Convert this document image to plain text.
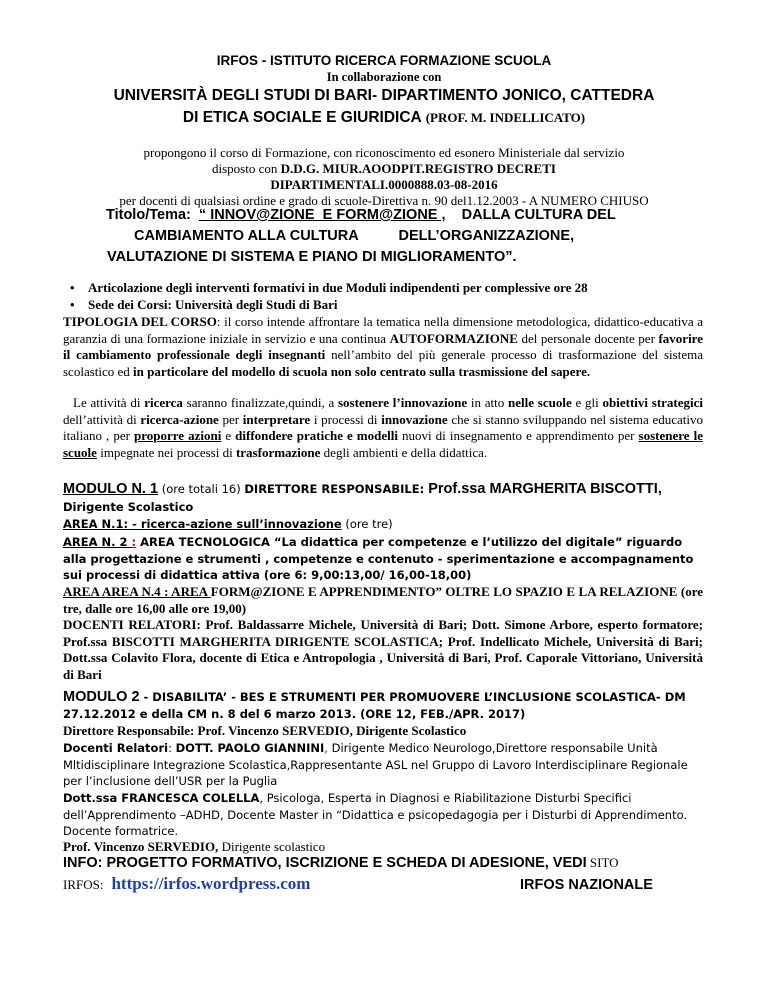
IRFOS - ISTITUTO RICERCA FORMAZIONE SCUOLA
In collaborazione con
UNIVERSITÀ DEGLI STUDI DI BARI- DIPARTIMENTO JONICO, CATTEDRA
DI ETICA SOCIALE E GIURIDICA (PROF. M. INDELLICATO)
propongono il corso di Formazione, con riconoscimento ed esonero Ministeriale dal servizio
disposto con D.D.G. MIUR.AOODPIT.REGISTRO DECRETI
DIPARTIMENTALI.0000888.03-08-2016
per docenti di qualsiasi ordine e grado di scuole-Direttiva n. 90 del1.12.2003 - A NUMERO CHIUSO
Titolo/Tema: “ INNOV@ZIONE  E FORM@ZIONE , DALLA CULTURA DEL
CAMBIAMENTO ALLA CULTURA	DELL’ORGANIZZAZIONE,
VALUTAZIONE DI SISTEMA E PIANO DI MIGLIORAMENTO”.
• Articolazione degli interventi formativi in due Moduli indipendenti per complessive ore 28
• Sede dei Corsi: Università degli Studi di Bari

TIPOLOGIA DEL CORSO: il corso intende affrontare la tematica nella dimensione metodologica, didattico-educativa a garanzia di una formazione iniziale in servizio e una continua AUTOFORMAZIONE del personale docente per favorire il cambiamento professionale degli insegnanti nell’ambito del più generale processo di trasformazione del sistema scolastico ed in particolare del modello di scuola non solo centrato sulla trasmissione del sapere.

Le attività di ricerca saranno finalizzate,quindi, a sostenere l’innovazione in atto nelle scuole e gli obiettivi strategici dell’attività di ricerca-azione per interpretare i processi di innovazione che si stanno sviluppando nel sistema educativo italiano , per proporre azioni e diffondere pratiche e modelli nuovi di insegnamento e apprendimento per sostenere le scuole impegnate nei processi di trasformazione degli ambienti e della didattica.

MODULO N. 1 (ore totali 16) DIRETTORE RESPONSABILE: Prof.ssa MARGHERITA BISCOTTI,
Dirigente Scolastico
AREA N.1: - ricerca-azione sull’innovazione (ore tre)

AREA N. 2 : AREA TECNOLOGICA “La didattica per competenze e l’utilizzo del digitale” riguardo alla progettazione e strumenti , competenze e contenuto - sperimentazione e accompagnamento sui processi di didattica attiva (ore 6: 9,00:13,00/ 16,00-18,00)

AREA AREA N.4 : AREA FORM@ZIONE E APPRENDIMENTO” OLTRE LO SPAZIO E LA RELAZIONE (ore tre, dalle ore 16,00 alle ore 19,00)

DOCENTI RELATORI: Prof. Baldassarre Michele, Università di Bari; Dott. Simone Arbore, esperto formatore; Prof.ssa BISCOTTI MARGHERITA DIRIGENTE SCOLASTICA; Prof. Indellicato Michele, Università di Bari; Dott.ssa Colavito Flora, docente di Etica e Antropologia , Università di Bari, Prof. Caporale Vittoriano, Università di Bari

MODULO 2 - DISABILITA’ - BES E STRUMENTI PER PROMUOVERE L’INCLUSIONE SCOLASTICA- DM
27.12.2012 e della CM n. 8 del 6 marzo 2013. (ORE 12, FEB./APR. 2017)
Direttore Responsabile: Prof. Vincenzo SERVEDIO, Dirigente Scolastico

Docenti Relatori: DOTT. PAOLO GIANNINI, Dirigente Medico Neurologo,Direttore responsabile Unità Mltidisciplinare Integrazione Scolastica,Rappresentante ASL nel Gruppo di Lavoro Interdisciplinare Regionale per l’inclusione dell’USR per la Puglia

Dott.ssa FRANCESCA COLELLA, Psicologa, Esperta in Diagnosi e Riabilitazione Disturbi Specifici dell’Apprendimento –ADHD, Docente Master in “Didattica e psicopedagogia per i Disturbi di Apprendimento. Docente formatrice.

Prof. Vincenzo SERVEDIO, Dirigente scolastico
INFO: PROGETTO FORMATIVO, ISCRIZIONE E SCHEDA DI ADESIONE, VEDI SITO
IRFOS: https://irfos.wordpress.com	IRFOS NAZIONALE
